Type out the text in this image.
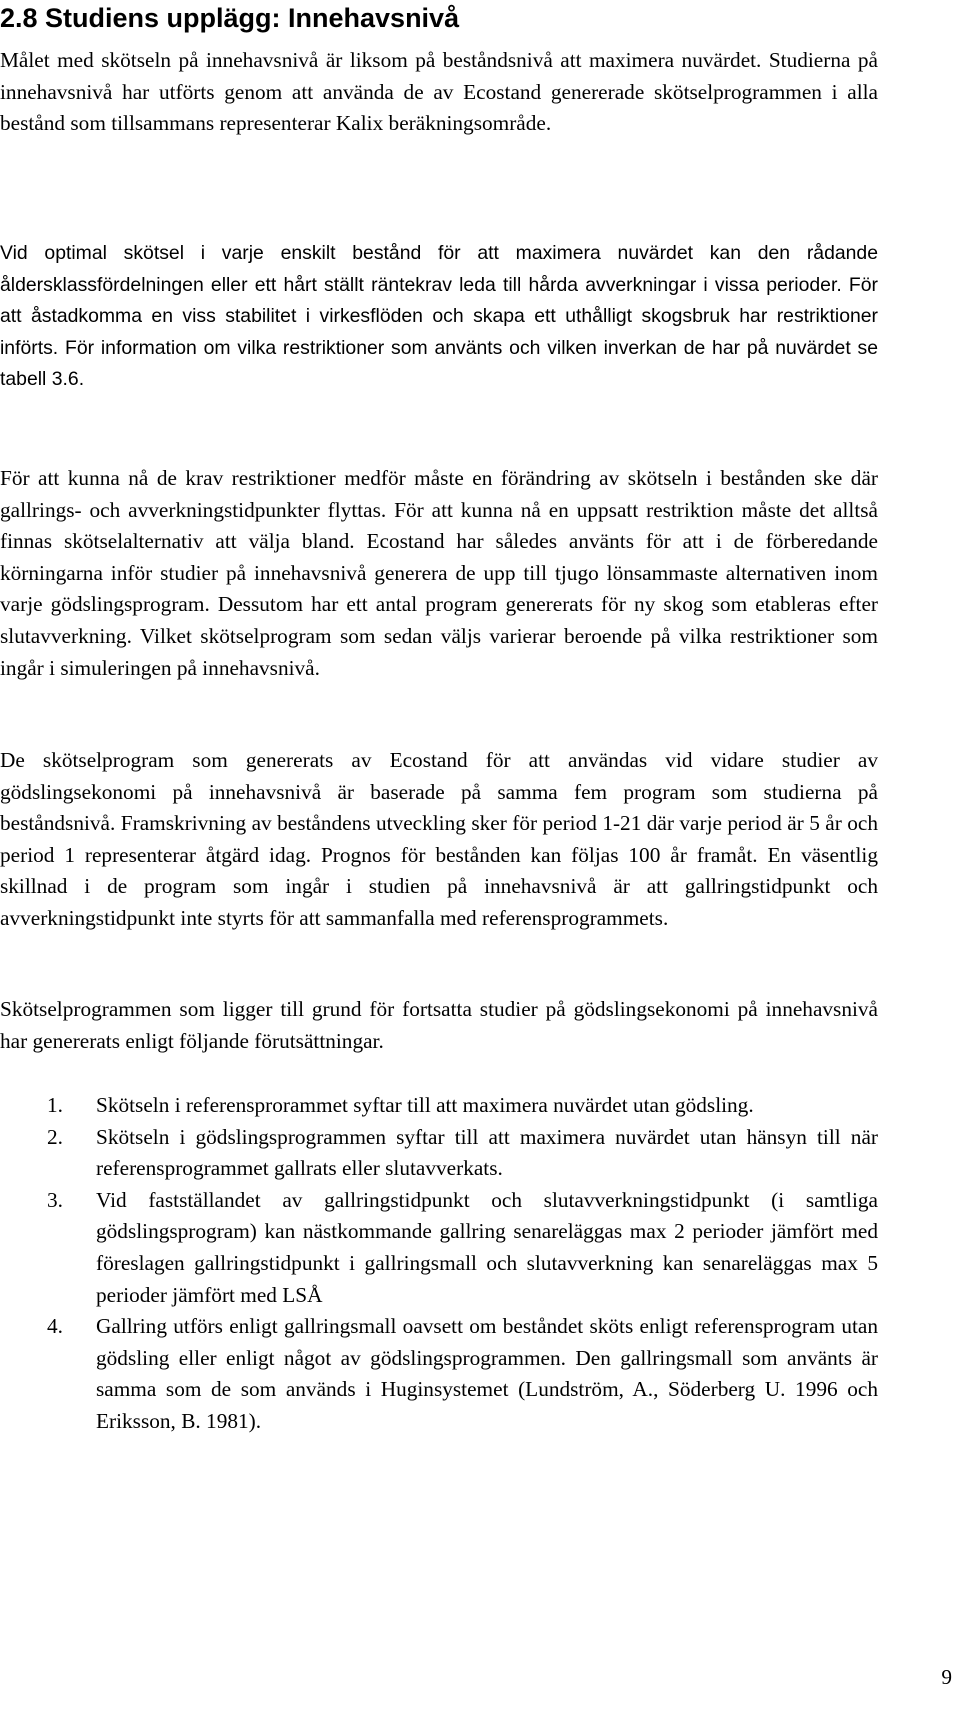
2.8 Studiens upplägg: Innehavsnivå

Målet med skötseln på innehavsnivå är liksom på beståndsnivå att maximera nuvärdet. Studierna på innehavsnivå har utförts genom att använda de av Ecostand genererade skötselprogrammen i alla bestånd som tillsammans representerar Kalix beräkningsområde.

Vid optimal skötsel i varje enskilt bestånd för att maximera nuvärdet kan den rådande åldersklassfördelningen eller ett hårt ställt räntekrav leda till hårda avverkningar i vissa perioder. För att åstadkomma en viss stabilitet i virkesflöden och skapa ett uthålligt skogsbruk har restriktioner införts. För information om vilka restriktioner som använts och vilken inverkan de har på nuvärdet se tabell 3.6.

För att kunna nå de krav restriktioner medför måste en förändring av skötseln i bestånden ske där gallrings- och avverkningstidpunkter flyttas. För att kunna nå en uppsatt restriktion måste det alltså finnas skötselalternativ att välja bland. Ecostand har således använts för att i de förberedande körningarna inför studier på innehavsnivå generera de upp till tjugo lönsammaste alternativen inom varje gödslingsprogram. Dessutom har ett antal program genererats för ny skog som etableras efter slutavverkning. Vilket skötselprogram som sedan väljs varierar beroende på vilka restriktioner som ingår i simuleringen på innehavsnivå.

De skötselprogram som genererats av Ecostand för att användas vid vidare studier av gödslingsekonomi på innehavsnivå är baserade på samma fem program som studierna på beståndsnivå. Framskrivning av beståndens utveckling sker för period 1-21 där varje period är 5 år och period 1 representerar åtgärd idag. Prognos för bestånden kan följas 100 år framåt. En väsentlig skillnad i de program som ingår i studien på innehavsnivå är att gallringstidpunkt och avverkningstidpunkt inte styrts för att sammanfalla med referensprogrammets.

Skötselprogrammen som ligger till grund för fortsatta studier på gödslingsekonomi på innehavsnivå har genererats enligt följande förutsättningar.

1. Skötseln i referensprorammet syftar till att maximera nuvärdet utan gödsling.
2. Skötseln i gödslingsprogrammen syftar till att maximera nuvärdet utan hänsyn till när referensprogrammet gallrats eller slutavverkats.
3. Vid fastställandet av gallringstidpunkt och slutavverkningstidpunkt (i samtliga gödslingsprogram) kan nästkommande gallring senareläggas max 2 perioder jämfört med föreslagen gallringstidpunkt i gallringsmall och slutavverkning kan senareläggas max 5 perioder jämfört med LSÅ
4. Gallring utförs enligt gallringsmall oavsett om beståndet sköts enligt referensprogram utan gödsling eller enligt något av gödslingsprogrammen. Den gallringsmall som använts är samma som de som används i Huginsystemet (Lundström, A., Söderberg U. 1996 och Eriksson, B. 1981).
9
